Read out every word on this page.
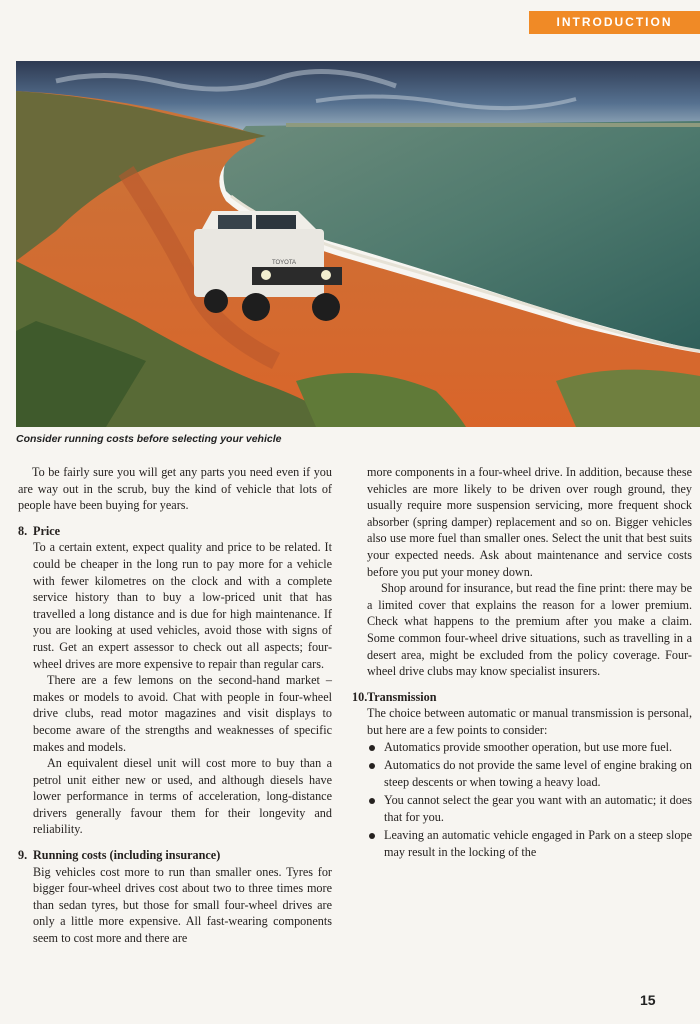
INTRODUCTION
TOYOTA
Consider running costs before selecting your vehicle

To be fairly sure you will get any parts you need even if you are way out in the scrub, buy the kind of vehicle that lots of people have been buying for years.

8. Price

To a certain extent, expect quality and price to be related. It could be cheaper in the long run to pay more for a vehicle with fewer kilometres on the clock and with a complete service history than to buy a low-priced unit that has travelled a long distance and is due for high maintenance. If you are looking at used vehicles, avoid those with signs of rust. Get an expert assessor to check out all aspects; four-wheel drives are more expensive to repair than regular cars.

There are a few lemons on the second-hand market – makes or models to avoid. Chat with people in four-wheel drive clubs, read motor magazines and visit displays to become aware of the strengths and weaknesses of specific makes and models.

An equivalent diesel unit will cost more to buy than a petrol unit either new or used, and although diesels have lower performance in terms of acceleration, long-distance drivers generally favour them for their longevity and reliability.

9. Running costs (including insurance)

Big vehicles cost more to run than smaller ones. Tyres for bigger four-wheel drives cost about two to three times more than sedan tyres, but those for small four-wheel drives are only a little more expensive. All fast-wearing components seem to cost more and there are

more components in a four-wheel drive. In addition, because these vehicles are more likely to be driven over rough ground, they usually require more suspension servicing, more frequent shock absorber (spring damper) replacement and so on. Bigger vehicles also use more fuel than smaller ones. Select the unit that best suits your expected needs. Ask about maintenance and service costs before you put your money down.

Shop around for insurance, but read the fine print: there may be a limited cover that explains the reason for a lower premium. Check what happens to the premium after you make a claim. Some common four-wheel drive situations, such as travelling in a desert area, might be excluded from the policy coverage. Four-wheel drive clubs may know specialist insurers.

10.Transmission

The choice between automatic or manual transmission is personal, but here are a few points to consider:

Automatics provide smoother operation, but use more fuel.
Automatics do not provide the same level of engine braking on steep descents or when towing a heavy load.
You cannot select the gear you want with an automatic; it does that for you.
Leaving an automatic vehicle engaged in Park on a steep slope may result in the locking of the
15
